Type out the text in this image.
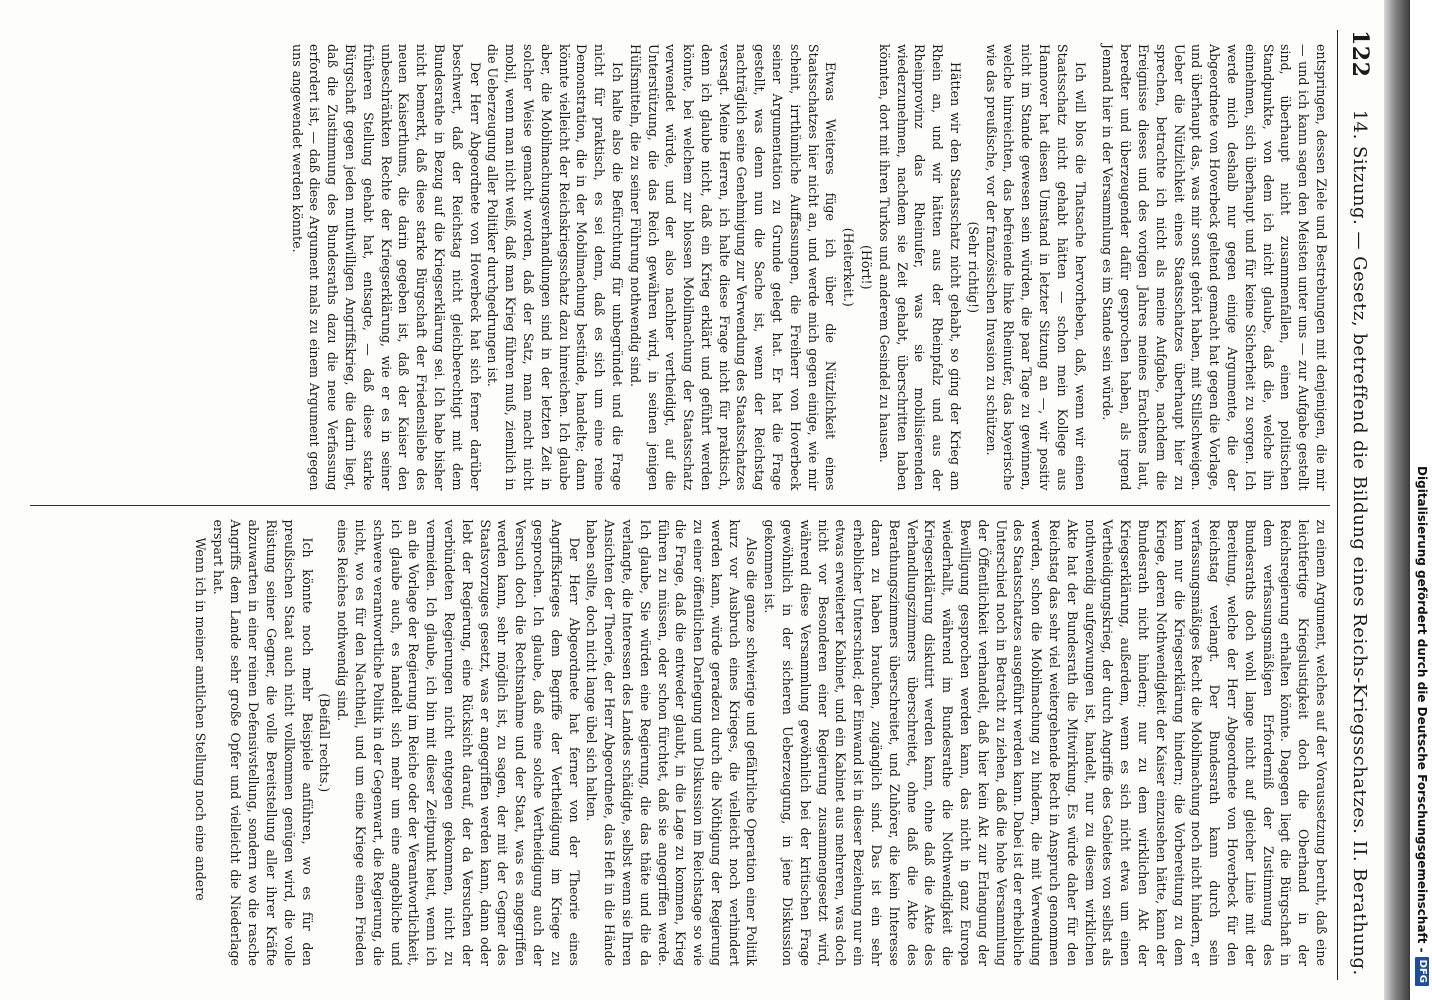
122
14. Sitzung. — Gesetz, betreffend die Bildung eines Reichs-Kriegsschatzes. II. Berathung.

entspringen, dessen Ziele und Bestrebungen mit denjenigen, die mir — und ich kann sagen den Meisten unter uns — zur Aufgabe gestellt sind, überhaupt nicht zusammenfallen, einen politischen Standpunkte, von dem ich nicht glaube, daß die, welche ihn einnehmen, sich überhaupt und für keine Sicherheit zu sorgen. Ich werde mich deshalb nur gegen einige Argumente, die der Abgeordnete von Hoverbeck geltend gemacht hat gegen die Vorlage, und überhaupt das, was mir sonst gehört haben, mit Stillschweigen. Ueber die Nützlichkeit eines Staatsschatzes überhaupt hier zu sprechen, betrachte ich nicht als meine Aufgabe, nachdem die Ereignisse dieses und des vorigen Jahres meines Erachtens laut, beredter und überzeugender dafür gesprochen haben, als irgend Jemand hier in der Versammlung es im Stande sein würde.

Ich will blos die Thatsache hervorheben, daß, wenn wir einen Staatsschatz nicht gehabt hätten — schon mein Kollege aus Hannover hat diesen Umstand in letzter Sitzung an —, wir positiv nicht im Stande gewesen sein würden, die paar Tage zu gewinnen, welche hinreichten, das befreiende linke Rheinufer, das bayerische wie das preußische, vor der französischen Invasion zu schützen.

(Sehr richtig!)

Hätten wir den Staatsschatz nicht gehabt, so ging der Krieg am Rhein an, und wir hätten aus der Rheinpfalz und aus der Rheinprovinz das Rheinufer, was sie mobilisierenden wiederzunehmen, nachdem sie Zeit gehabt, überschritten haben könnten, dort mit ihren Turkos und anderem Gesindel zu hausen.

(Hört!)

(Heiterkeit.)

Etwas Weiteres füge ich über die Nützlichkeit eines Staatsschatzes hier nicht an, und werde mich gegen einige, wie mir scheint, irrthümliche Auffassungen, die Freiherr von Hoverbeck seiner Argumentation zu Grunde gelegt hat. Er hat die Frage gestellt, was denn nun die Sache ist, wenn der Reichstag nachträglich seine Genehmigung zur Verwendung des Staatsschatzes versagt. Meine Herren, ich halte diese Frage nicht für praktisch, denn ich glaube nicht, daß ein Krieg erklärt und geführt werden könnte, bei welchem zur blossen Mobilmachung der Staatsschatz verwendet würde, und der also nachher vertheidigt, auf die Unterstützung, die das Reich gewähren wird, in seinen jenigen Hülfsmitteln, die zu seiner Führung nothwendig sind.

Ich halte also die Befürchtung für unbegründet und die Frage nicht für praktisch, es sei denn, daß es sich um eine reine Demonstration, die in der Mobilmachung bestünde, handelte; dann könnte vielleicht der Reichskriegsschatz dazu hinreichen. Ich glaube aber, die Mobilmachungsverhandlungen sind in der letzten Zeit in solcher Weise gemacht worden, daß der Satz, man macht nicht mobil, wenn man nicht weiß, daß man Krieg führen muß, ziemlich in die Ueberzeugung aller Politiker durchgedrungen ist.

Der Herr Abgeordnete von Hoverbeck hat sich ferner darüber beschwert, daß der Reichstag nicht gleichberechtigt mit dem Bundesrathe in Bezug auf die Kriegserklärung sei. Ich habe bisher nicht bemerkt, daß diese starke Bürgschaft der Friedensliebe des neuen Kaiserthums, die darin gegeben ist, daß der Kaiser den unbeschränkten Rechte der Kriegserklärung, wie er es in seiner früheren Stellung gehabt hat, entsagte, — daß diese starke Bürgschaft gegen jeden muthwilligen Angriffskrieg, die darin liegt, daß die Zustimmung des Bundesraths dazu die neue Verfassung erfordert ist, — daß diese Argument mals zu einem Argument gegen uns angewendet werden könnte.

zu einem Argument, welches auf der Voraussetzung beruht, daß eine leichtfertige Kriegslustigkeit doch die Oberhand in der Reichsregierung erhalten könnte. Dagegen liegt die Bürgschaft in dem verfassungsmäßigen Erforderniß der Zustimmung des Bundesraths doch wohl lange nicht auf gleicher Linie mit der Bereitung, welche der Herr Abgeordnete von Hoverbeck für den Reichstag verlangt. Der Bundesrath kann durch sein verfassungsmäßiges Recht die Mobilmachung noch nicht hindern, er kann nur die Kriegserklärung hindern; die Vorbereitung zu dem Kriege, deren Nothwendigkeit der Kaiser einzusehen hätte, kann der Bundesrath nicht hindern; nur zu dem wirklichen Akt der Kriegserklärung, außerdem, wenn es sich nicht etwa um einen Vertheidigungskrieg, der durch Angriffe des Gebietes von selbst als nothwendig aufgezwungen ist, handelt, nur zu diesem wirklichen Akte hat der Bundesrath die Mitwirkung. Es würde daher für den Reichstag das sehr viel weitergehende Recht in Anspruch genommen werden, schon die Mobilmachung zu hindern, die mit Verwendung des Staatsschatzes ausgeführt werden kann. Dabei ist der erhebliche Unterschied noch in Betracht zu ziehen, daß die hohe Versammlung der Öffentlichkeit verhandelt, daß hier kein Akt zur Erlangung der Bewilligung gesprochen werden kann, das nicht in ganz Europa wiederhallt, während im Bundesrathe die Nothwendigkeit die Kriegserklärung diskutirt werden kann, ohne daß die Akte des Verhandlungszimmers überschreitet, ohne daß die Akte des Berathungszimmers überschreitet, und Zuhörer, die kein Interesse daran zu haben brauchen, zugänglich sind. Das ist ein sehr erheblicher Unterschied; der Einwand ist in dieser Beziehung nur ein etwas erweiterter Kabinet, und ein Kabinet aus mehreren, was doch nicht vor Besonderen einer Regierung zusammengesetzt wird, während diese Versammlung gewöhnlich bei der kritischen Frage gewöhnlich in der sicheren Ueberzeugung, in jene Diskussion gekommen ist.

Also die ganze schwierige und gefährliche Operation einer Politik kurz vor Ausbruch eines Krieges, die vielleicht noch verhindert werden kann, würde geradezu durch die Nöthigung der Regierung zu einer öffentlichen Darlegung und Diskussion im Reichstage so wie die Frage, daß die entweder glaubt, in die Lage zu kommen, Krieg führen zu müssen, oder schon fürchtet, daß sie angegriffen werde. Ich glaube, Sie würden eine Regierung, die das thäte und die da verlangte, die Interessen des Landes schädigte, selbst wenn sie Ihren Ansichten der Theorie, der Herr Abgeordnete, das Heft in die Hände haben sollte, doch nicht lange übel sich halten.

Der Herr Abgeordnete hat ferner von der Theorie eines Angriffskrieges dem Begriffe der Vertheidigung im Kriege zu gesprochen. Ich glaube, daß eine solche Vertheidigung auch der Versuch doch die Rechtsnahme und der Staat, was es angegriffen werden kann, sehr möglich ist, zu sagen, der mit der Gegner des Staatsvorzuges gesetzt, was er angegriffen werden kann, dann oder lebt der Regierung, eine Rücksicht darauf, der da Versuchen der verbündeten Regierungen nicht entgegen gekommen, nicht zu vermeiden. Ich glaube, ich bin mit dieser Zeitpunkt heut, wenn ich an die Vorlage der Regierung im Reiche oder der Verantwortlichkeit, ich glaube auch, es handelt sich mehr um eine angebliche und schwere verantwortliche Politik in der Gegenwart, die Regierung, die nicht, wo es für den Nachtheil, und um eine Kriege einen Frieden eines Reiches nothwendig sind.

(Beifall rechts.)

Ich könnte noch mehr Beispiele anführen, wo es für den preußischen Staat auch nicht vollkommen genügen wird, die volle Rüstung seiner Gegner, die volle Bereitstellung aller ihrer Kräfte abzuwarten in einer reinen Defensivstellung, sondern wo die rasche Angriffs dem Lande sehr große Opfer und vielleicht die Niederlage erspart hat.

Wenn ich in meiner amtlichen Stellung noch eine andere	Digitalisierung gefördert durch die Deutsche Forschungsgemeinschaft -
DFG
